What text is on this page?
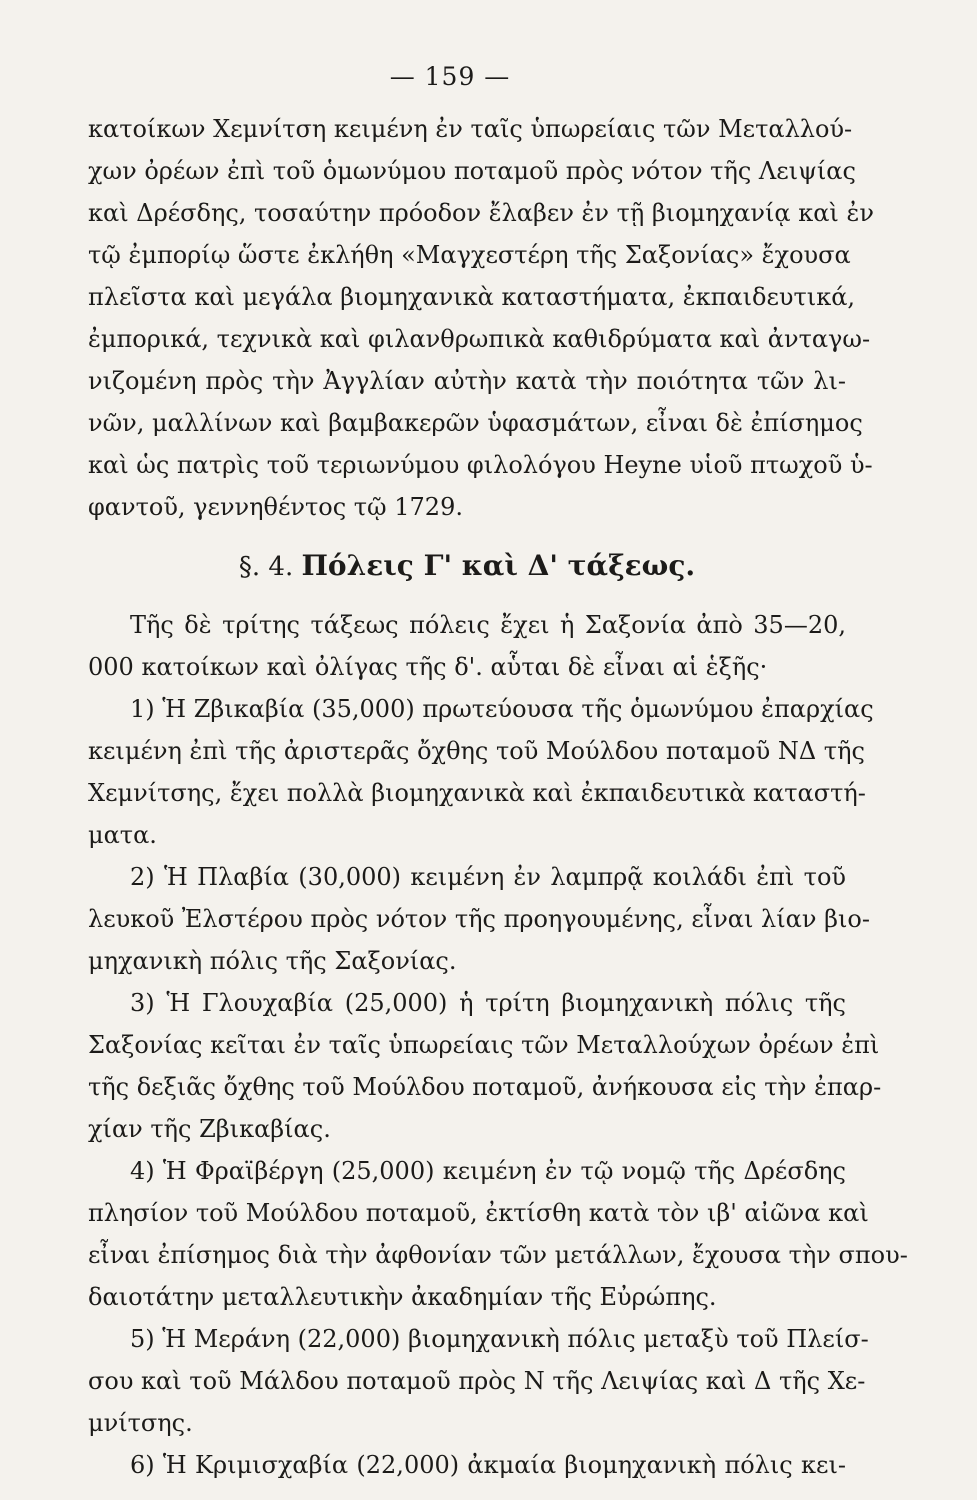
— 159 —
κατοίκων Χεμνίτση κειμένη ἐν ταῖς ὑπωρείαις τῶν Μεταλλού-
χων ὀρέων ἐπὶ τοῦ ὁμωνύμου ποταμοῦ πρὸς νότον τῆς Λειψίας
καὶ Δρέσδης, τοσαύτην πρόοδον ἔλαβεν ἐν τῇ βιομηχανίᾳ καὶ ἐν
τῷ ἐμπορίῳ ὥστε ἐκλήθη «Μαγχεστέρη τῆς Σαξονίας» ἔχουσα
πλεῖστα καὶ μεγάλα βιομηχανικὰ καταστήματα, ἐκπαιδευτικά,
ἐμπορικά, τεχνικὰ καὶ φιλανθρωπικὰ καθιδρύματα καὶ ἀνταγω-
νιζομένη πρὸς τὴν Ἀγγλίαν αὐτὴν κατὰ τὴν ποιότητα τῶν λι-
νῶν, μαλλίνων καὶ βαμβακερῶν ὑφασμάτων, εἶναι δὲ ἐπίσημος
καὶ ὡς πατρὶς τοῦ τεριωνύμου φιλολόγου Heyne υἱοῦ πτωχοῦ ὑ-
φαντοῦ, γεννηθέντος τῷ 1729.
§. 4. Πόλεις Γ' καὶ Δ' τάξεως.
Τῆς δὲ τρίτης τάξεως πόλεις ἔχει ἡ Σαξονία ἀπὸ 35—20,
000 κατοίκων καὶ ὀλίγας τῆς δ'. αὗται δὲ εἶναι αἱ ἑξῆς·
1) Ἡ Ζβικαβία (35,000) πρωτεύουσα τῆς ὁμωνύμου ἐπαρχίας
κειμένη ἐπὶ τῆς ἀριστερᾶς ὄχθης τοῦ Μούλδου ποταμοῦ ΝΔ τῆς
Χεμνίτσης, ἔχει πολλὰ βιομηχανικὰ καὶ ἐκπαιδευτικὰ καταστή-
ματα.
2) Ἡ Πλαβία (30,000) κειμένη ἐν λαμπρᾷ κοιλάδι ἐπὶ τοῦ
λευκοῦ Ἐλστέρου πρὸς νότον τῆς προηγουμένης, εἶναι λίαν βιο-
μηχανικὴ πόλις τῆς Σαξονίας.
3) Ἡ Γλουχαβία (25,000) ἡ τρίτη βιομηχανικὴ πόλις τῆς
Σαξονίας κεῖται ἐν ταῖς ὑπωρείαις τῶν Μεταλλούχων ὀρέων ἐπὶ
τῆς δεξιᾶς ὄχθης τοῦ Μούλδου ποταμοῦ, ἀνήκουσα εἰς τὴν ἐπαρ-
χίαν τῆς Ζβικαβίας.
4) Ἡ Φραϊβέργη (25,000) κειμένη ἐν τῷ νομῷ τῆς Δρέσδης
πλησίον τοῦ Μούλδου ποταμοῦ, ἐκτίσθη κατὰ τὸν ιβ' αἰῶνα καὶ
εἶναι ἐπίσημος διὰ τὴν ἀφθονίαν τῶν μετάλλων, ἔχουσα τὴν σπου-
δαιοτάτην μεταλλευτικὴν ἀκαδημίαν τῆς Εὐρώπης.
5) Ἡ Μεράνη (22,000) βιομηχανικὴ πόλις μεταξὺ τοῦ Πλείσ-
σου καὶ τοῦ Μάλδου ποταμοῦ πρὸς Ν τῆς Λειψίας καὶ Δ τῆς Χε-
μνίτσης.
6) Ἡ Κριμισχαβία (22,000) ἀκμαία βιομηχανικὴ πόλις κει-
